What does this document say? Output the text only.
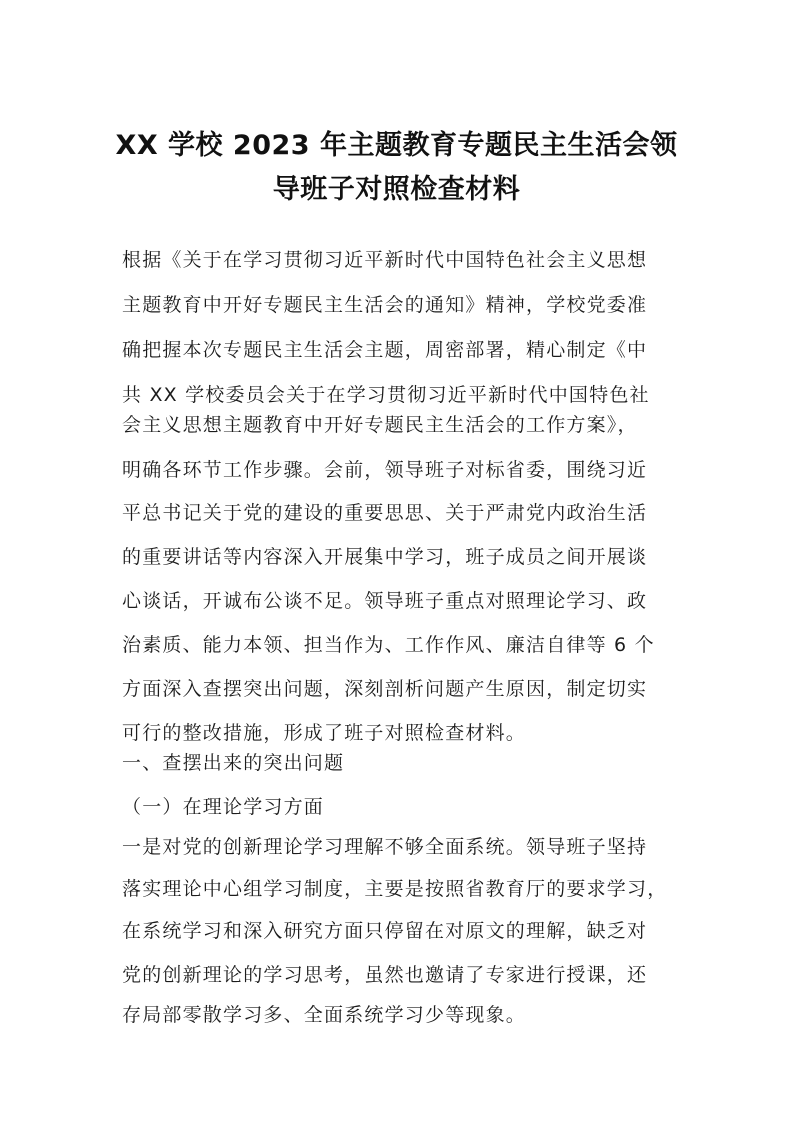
XX 学校 2023 年主题教育专题民主生活会领
导班子对照检查材料
根据《关于在学习贯彻习近平新时代中国特色社会主义思想
主题教育中开好专题民主生活会的通知》精神，学校党委准
确把握本次专题民主生活会主题，周密部署，精心制定《中
共 XX 学校委员会关于在学习贯彻习近平新时代中国特色社
会主义思想主题教育中开好专题民主生活会的工作方案》，
明确各环节工作步骤。会前，领导班子对标省委，围绕习近
平总书记关于党的建设的重要思思、关于严肃党内政治生活
的重要讲话等内容深入开展集中学习，班子成员之间开展谈
心谈话，开诚布公谈不足。领导班子重点对照理论学习、政
治素质、能力本领、担当作为、工作作风、廉洁自律等 6 个
方面深入查摆突出问题，深刻剖析问题产生原因，制定切实
可行的整改措施，形成了班子对照检查材料。
一、查摆出来的突出问题
（一）在理论学习方面
一是对党的创新理论学习理解不够全面系统。领导班子坚持
落实理论中心组学习制度，主要是按照省教育厅的要求学习，
在系统学习和深入研究方面只停留在对原文的理解，缺乏对
党的创新理论的学习思考，虽然也邀请了专家进行授课，还
存局部零散学习多、全面系统学习少等现象。
